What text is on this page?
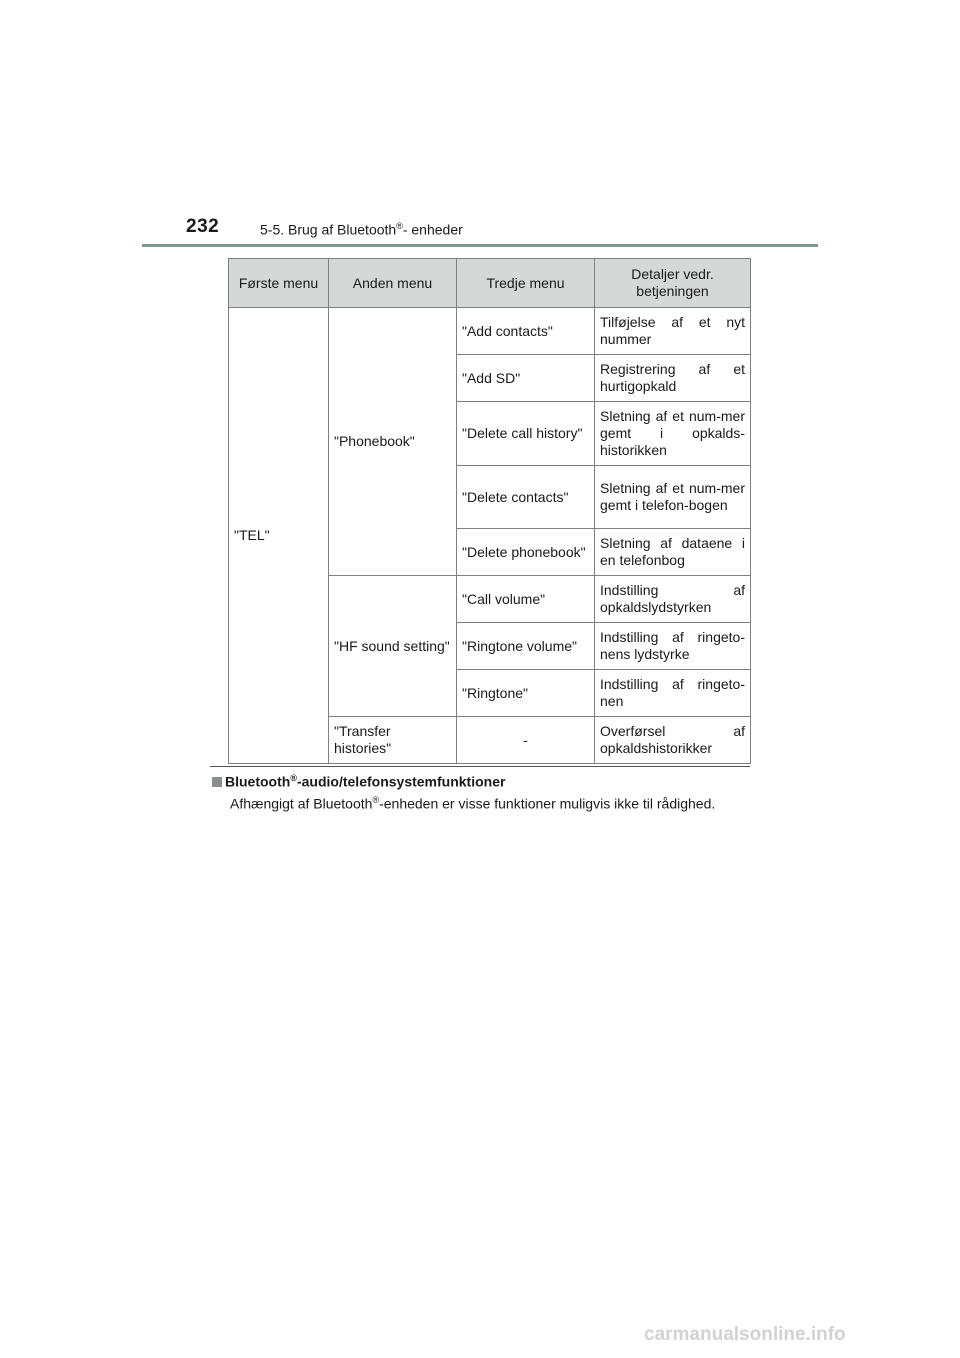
232	5-5. Brug af Bluetooth®- enheder
Første menu	Anden menu	Tredje menu	Detaljer vedr. betjeningen
"TEL"	"Phonebook"	"Add contacts"	Tilføjelse af et nyt nummer
		"Add SD"	Registrering af et hurtigopkald
		"Delete call history"	Sletning af et num-mer gemt i opkalds-historikken
		"Delete contacts"	Sletning af et num-mer gemt i telefon-bogen
		"Delete phonebook"	Sletning af dataene i en telefonbog
	"HF sound setting"	"Call volume"	Indstilling af opkaldslydstyrken
		"Ringtone volume"	Indstilling af ringeto-nens lydstyrke
		"Ringtone"	Indstilling af ringeto-nen
	"Transfer histories"	-	Overførsel af opkaldshistorikker
Bluetooth®-audio/telefonsystemfunktioner
Afhængigt af Bluetooth®-enheden er visse funktioner muligvis ikke til rådighed.
carmanualsonline.info
